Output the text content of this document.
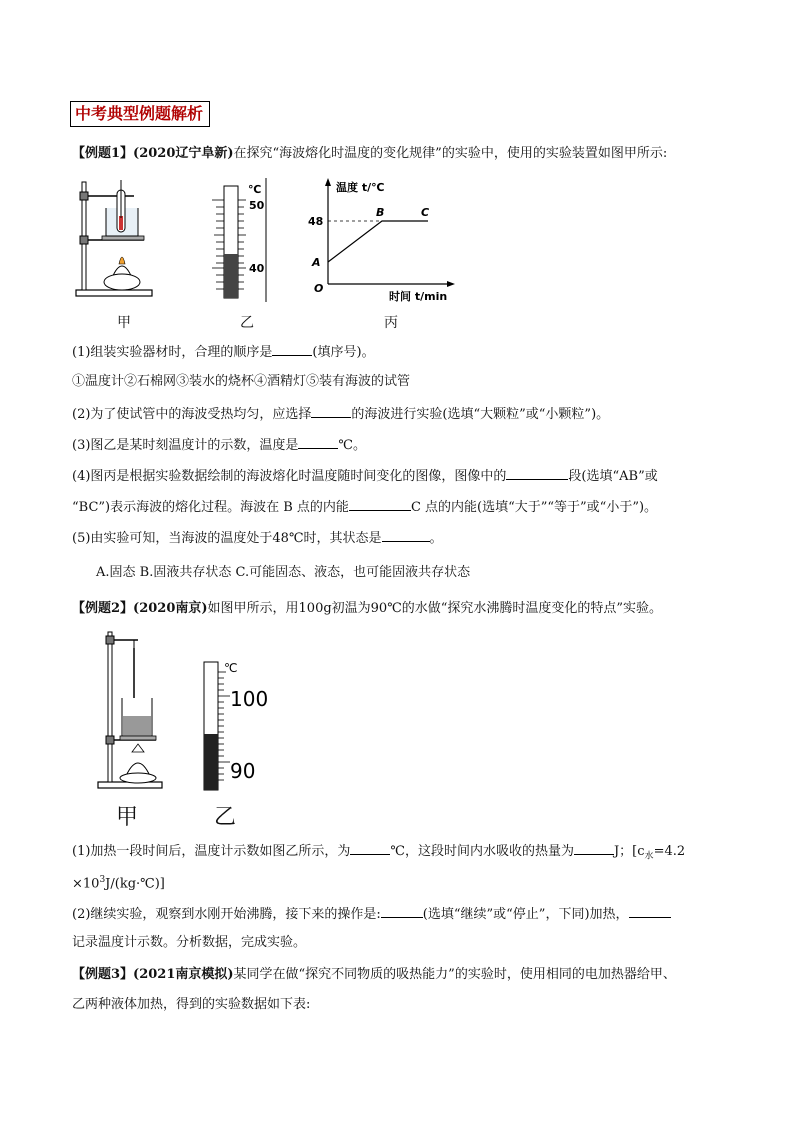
中考典型例题解析
【例题1】(2020辽宁阜新)在探究“海波熔化时温度的变化规律”的实验中，使用的实验装置如图甲所示:
℃
50
40
温度 t/℃
时间 t/min
48
A
B	C
O
甲	乙	丙
(1)组装实验器材时，合理的顺序是	(填序号)。
①温度计②石棉网③装水的烧杯④酒精灯⑤装有海波的试管
(2)为了使试管中的海波受热均匀，应选择	的海波进行实验(选填“大颗粒”或“小颗粒”)。
(3)图乙是某时刻温度计的示数，温度是	℃。
(4)图丙是根据实验数据绘制的海波熔化时温度随时间变化的图像，图像中的	段(选填“AB”或
“BC”)表示海波的熔化过程。海波在 B 点的内能	C 点的内能(选填“大于”“等于”或“小于”)。
(5)由实验可知，当海波的温度处于48℃时，其状态是	。
A.固态 B.固液共存状态 C.可能固态、液态，也可能固液共存状态
【例题2】(2020南京)如图甲所示，用100g初温为90℃的水做“探究水沸腾时温度变化的特点”实验。
℃
100
90
甲	乙
(1)加热一段时间后，温度计示数如图乙所示，为	℃，这段时间内水吸收的热量为	J；[$c_水=4.2$
$\times 10^3J/(kg\cdot℃)$]
(2)继续实验，观察到水刚开始沸腾，接下来的操作是:	(选填“继续”或“停止”，下同)加热，
记录温度计示数。分析数据，完成实验。
【例题3】(2021南京模拟)某同学在做“探究不同物质的吸热能力”的实验时，使用相同的电加热器给甲、
乙两种液体加热，得到的实验数据如下表:
